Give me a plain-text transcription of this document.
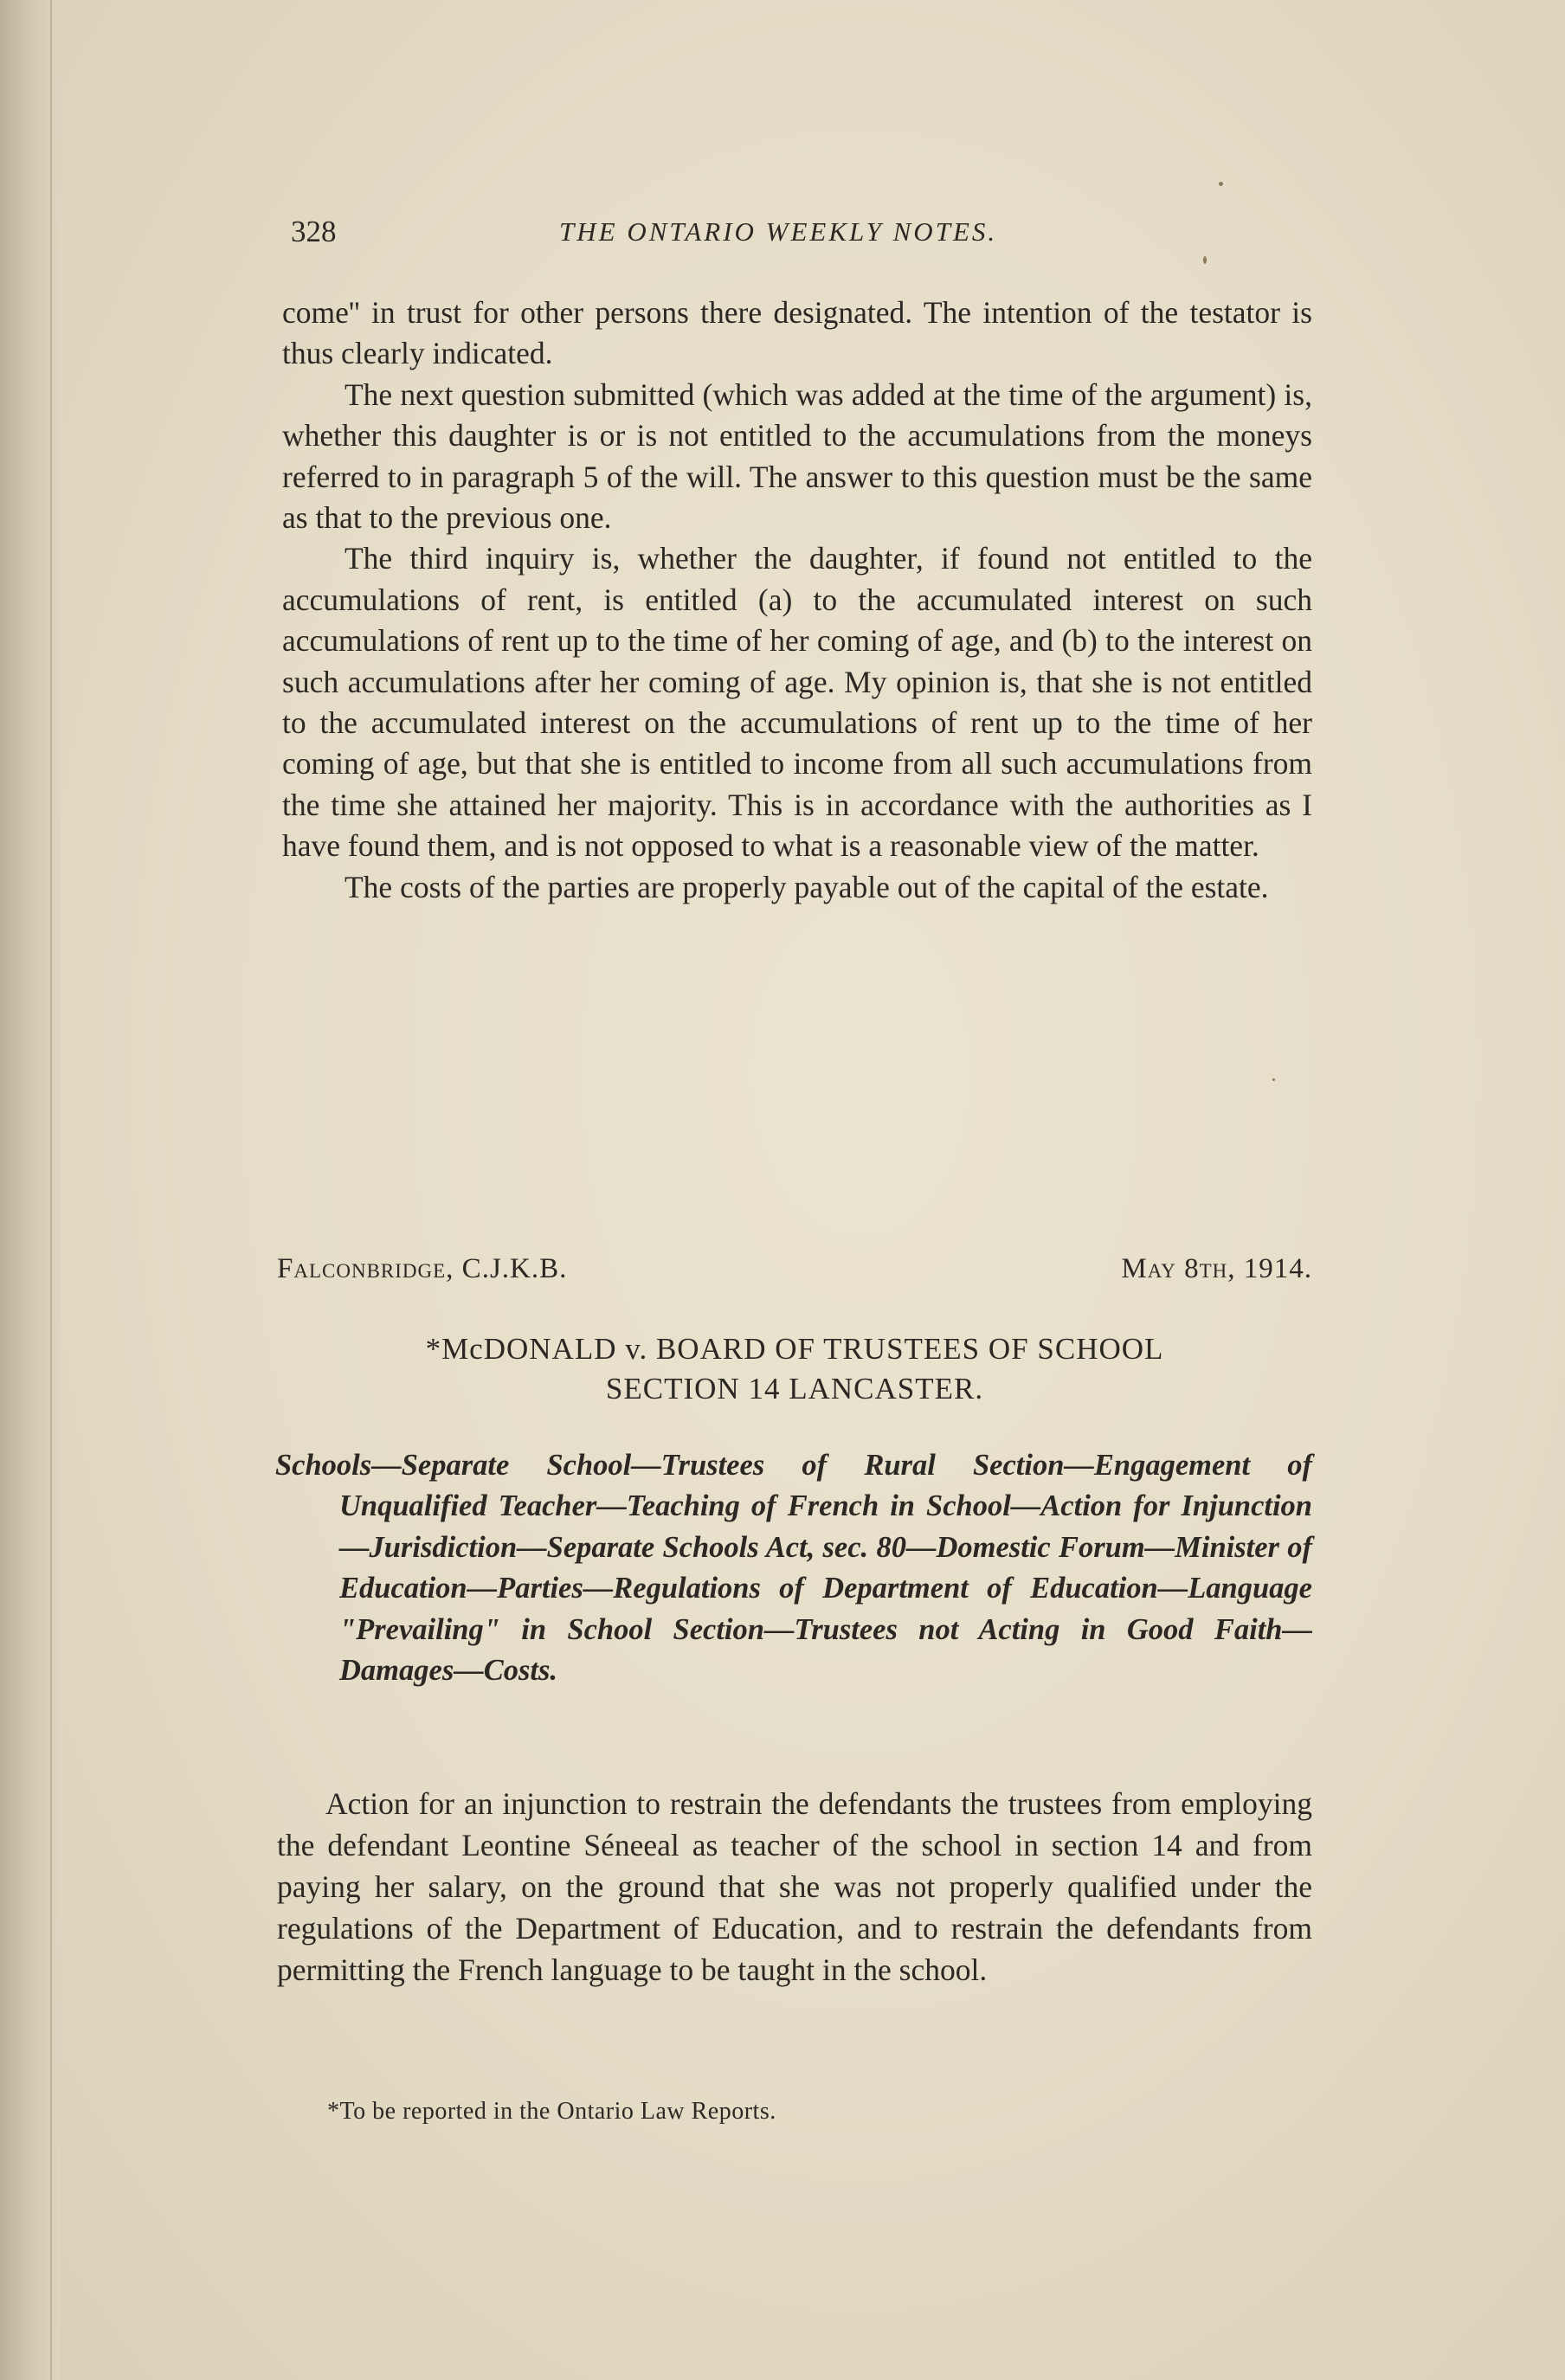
328	THE ONTARIO WEEKLY NOTES.

come'' in trust for other persons there designated. The intention of the testator is thus clearly indicated.

The next question submitted (which was added at the time of the argument) is, whether this daughter is or is not entitled to the accumulations from the moneys referred to in paragraph 5 of the will. The answer to this question must be the same as that to the previous one.

The third inquiry is, whether the daughter, if found not entitled to the accumulations of rent, is entitled (a) to the accumulated interest on such accumulations of rent up to the time of her coming of age, and (b) to the interest on such accumulations after her coming of age. My opinion is, that she is not entitled to the accumulated interest on the accumulations of rent up to the time of her coming of age, but that she is entitled to income from all such accumulations from the time she attained her majority. This is in accordance with the authorities as I have found them, and is not opposed to what is a reasonable view of the matter.

The costs of the parties are properly payable out of the capital of the estate.

Falconbridge, C.J.K.B.	May 8th, 1914.
*McDONALD v. BOARD OF TRUSTEES OF SCHOOL
SECTION 14 LANCASTER.
Schools—Separate School—Trustees of Rural Section—Engagement of Unqualified Teacher—Teaching of French in School—Action for Injunction—Jurisdiction—Separate Schools Act, sec. 80—Domestic Forum—Minister of Education—Parties—Regulations of Department of Education—Language "Prevailing" in School Section—Trustees not Acting in Good Faith—Damages—Costs.

Action for an injunction to restrain the defendants the trustees from employing the defendant Leontine Séneeal as teacher of the school in section 14 and from paying her salary, on the ground that she was not properly qualified under the regulations of the Department of Education, and to restrain the defendants from permitting the French language to be taught in the school.

*To be reported in the Ontario Law Reports.
